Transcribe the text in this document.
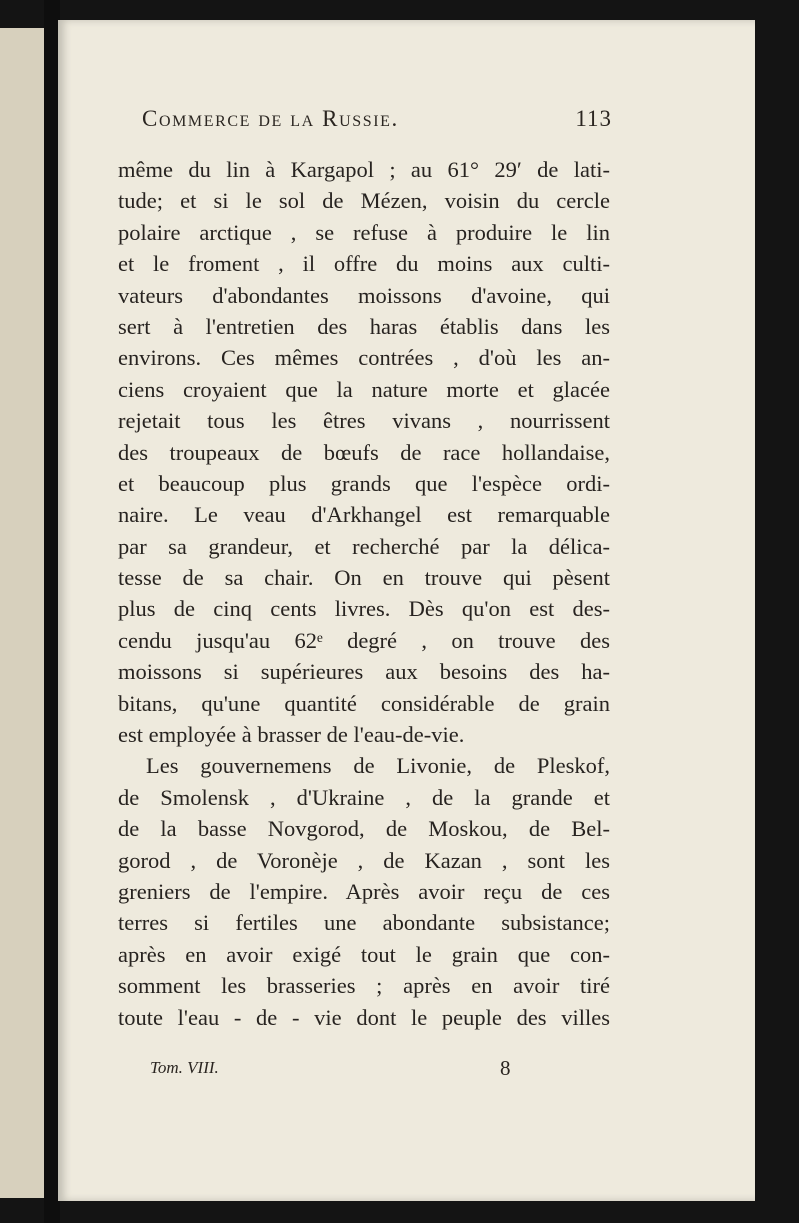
Commerce de la Russie.	113
même du lin à Kargapol ; au 61° 29′ de lati-
tude; et si le sol de Mézen, voisin du cercle
polaire arctique , se refuse à produire le lin
et le froment , il offre du moins aux culti-
vateurs d'abondantes moissons d'avoine, qui
sert à l'entretien des haras établis dans les
environs. Ces mêmes contrées , d'où les an-
ciens croyaient que la nature morte et glacée
rejetait tous les êtres vivans , nourrissent
des troupeaux de bœufs de race hollandaise,
et beaucoup plus grands que l'espèce ordi-
naire. Le veau d'Arkhangel est remarquable
par sa grandeur, et recherché par la délica-
tesse de sa chair. On en trouve qui pèsent
plus de cinq cents livres. Dès qu'on est des-
cendu jusqu'au 62ᵉ degré , on trouve des
moissons si supérieures aux besoins des ha-
bitans, qu'une quantité considérable de grain
est employée à brasser de l'eau-de-vie.
Les gouvernemens de Livonie, de Pleskof,
de Smolensk , d'Ukraine , de la grande et
de la basse Novgorod, de Moskou, de Bel-
gorod , de Voronèje , de Kazan , sont les
greniers de l'empire. Après avoir reçu de ces
terres si fertiles une abondante subsistance;
après en avoir exigé tout le grain que con-
somment les brasseries ; après en avoir tiré
toute l'eau - de - vie dont le peuple des villes
Tom. VIII.	8
